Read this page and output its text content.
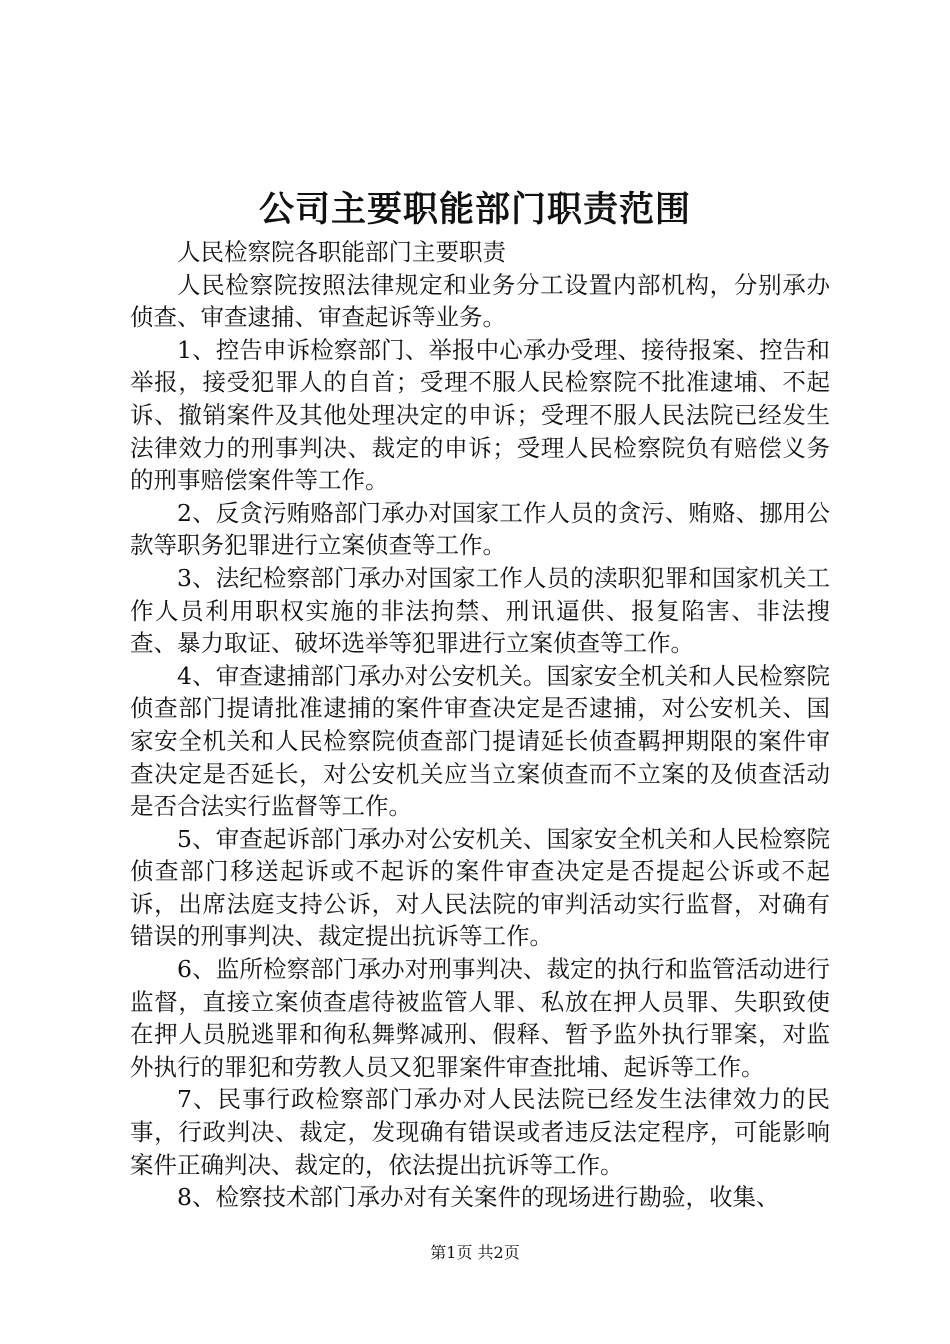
公司主要职能部门职责范围

人民检察院各职能部门主要职责

人民检察院按照法律规定和业务分工设置内部机构，分别承办侦查、审查逮捕、审查起诉等业务。

1、控告申诉检察部门、举报中心承办受理、接待报案、控告和举报，接受犯罪人的自首；受理不服人民检察院不批准逮埔、不起诉、撤销案件及其他处理决定的申诉；受理不服人民法院已经发生法律效力的刑事判决、裁定的申诉；受理人民检察院负有赔偿义务的刑事赔偿案件等工作。

2、反贪污贿赂部门承办对国家工作人员的贪污、贿赂、挪用公款等职务犯罪进行立案侦查等工作。

3、法纪检察部门承办对国家工作人员的渎职犯罪和国家机关工作人员利用职权实施的非法拘禁、刑讯逼供、报复陷害、非法搜查、暴力取证、破坏选举等犯罪进行立案侦查等工作。

4、审查逮捕部门承办对公安机关。国家安全机关和人民检察院侦查部门提请批准逮捕的案件审查决定是否逮捕，对公安机关、国家安全机关和人民检察院侦查部门提请延长侦查羁押期限的案件审查决定是否延长，对公安机关应当立案侦查而不立案的及侦查活动是否合法实行监督等工作。

5、审查起诉部门承办对公安机关、国家安全机关和人民检察院侦查部门移送起诉或不起诉的案件审查决定是否提起公诉或不起诉，出席法庭支持公诉，对人民法院的审判活动实行监督，对确有错误的刑事判决、裁定提出抗诉等工作。

6、监所检察部门承办对刑事判决、裁定的执行和监管活动进行监督，直接立案侦查虐待被监管人罪、私放在押人员罪、失职致使在押人员脱逃罪和徇私舞弊减刑、假释、暂予监外执行罪案，对监外执行的罪犯和劳教人员又犯罪案件审查批埔、起诉等工作。

7、民事行政检察部门承办对人民法院已经发生法律效力的民事，行政判决、裁定，发现确有错误或者违反法定程序，可能影响案件正确判决、裁定的，依法提出抗诉等工作。

8、检察技术部门承办对有关案件的现场进行勘验，收集、

第1页 共2页
